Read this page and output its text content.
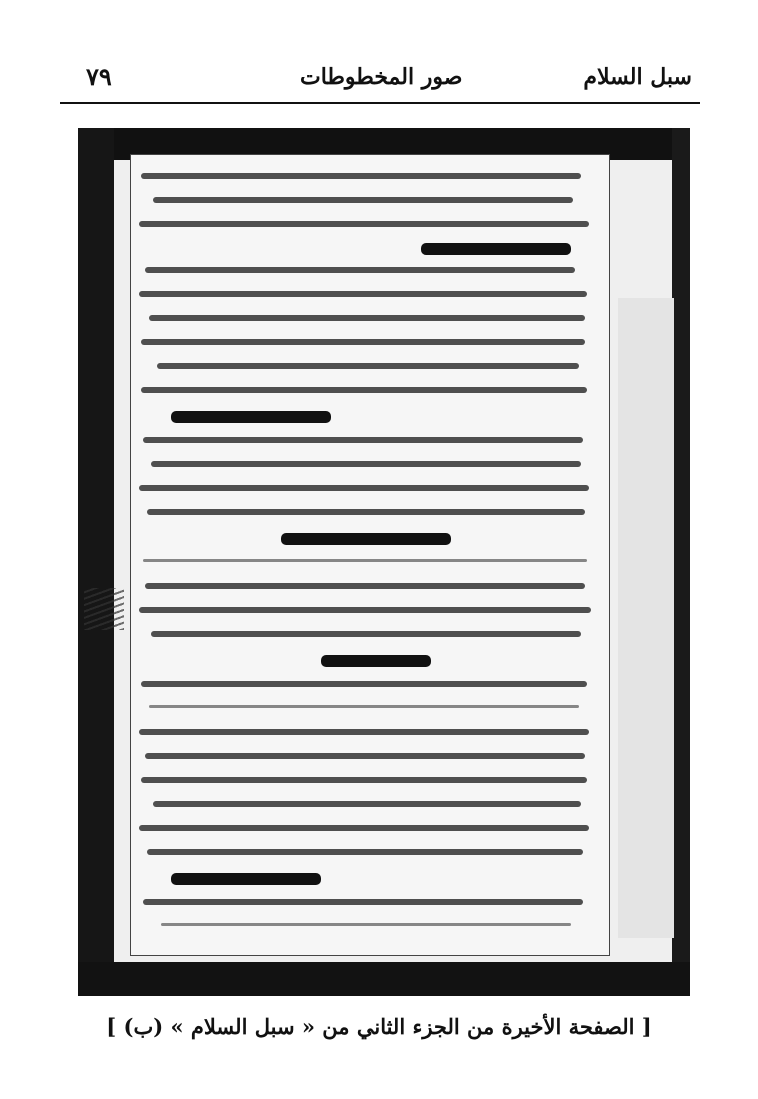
سبل السلام
صور المخطوطات
٧٩
[ الصفحة الأخيرة من الجزء الثاني من « سبل السلام » (ب) ]
